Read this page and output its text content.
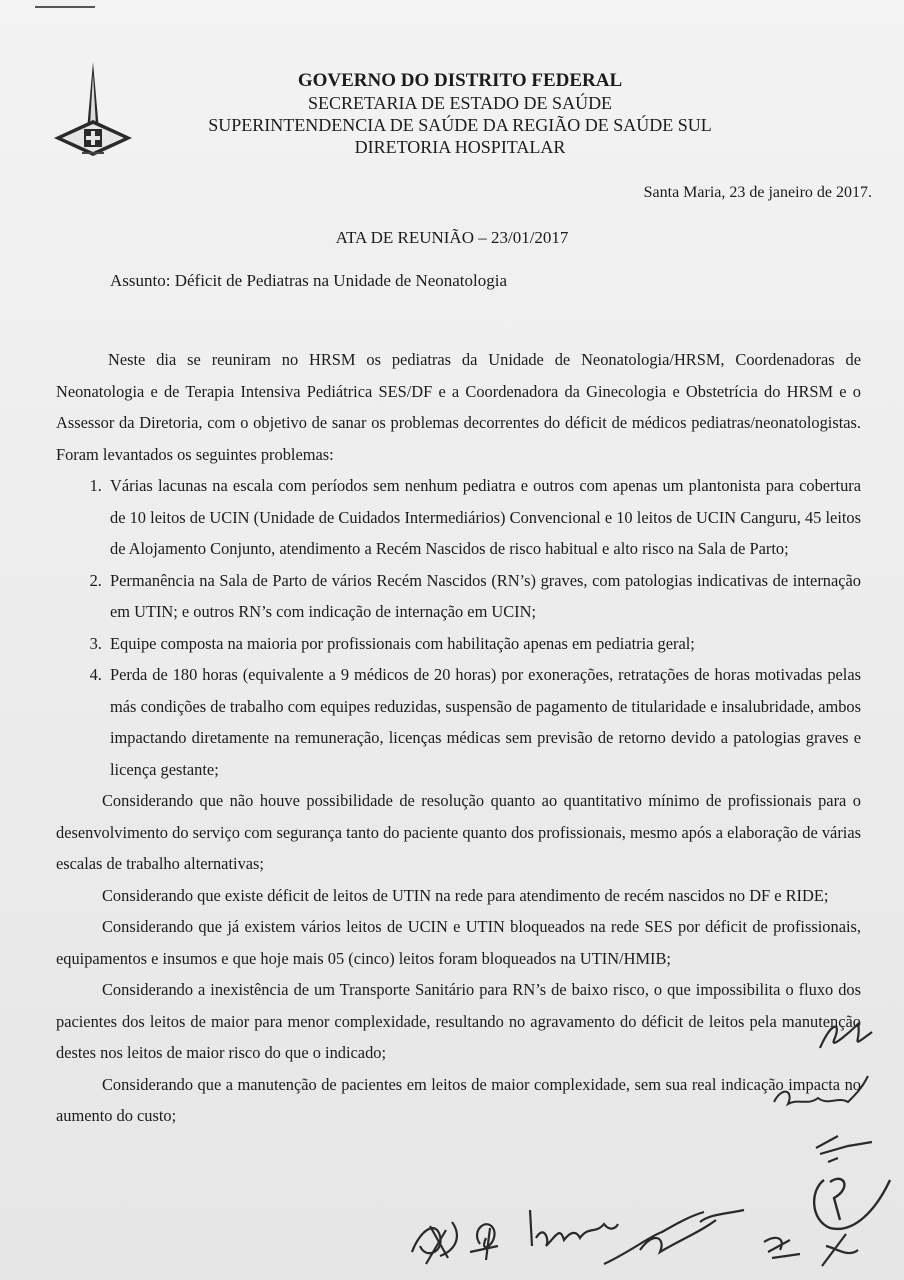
GOVERNO DO DISTRITO FEDERAL
SECRETARIA DE ESTADO DE SAÚDE
SUPERINTENDENCIA DE SAÚDE DA REGIÃO DE SAÚDE SUL
DIRETORIA HOSPITALAR
Santa Maria, 23 de janeiro de 2017.
ATA DE REUNIÃO – 23/01/2017
Assunto: Déficit de Pediatras na Unidade de Neonatologia

Neste dia se reuniram no HRSM os pediatras da Unidade de Neonatologia/HRSM, Coordenadoras de Neonatologia e de Terapia Intensiva Pediátrica SES/DF e a Coordenadora da Ginecologia e Obstetrícia do HRSM e o Assessor da Diretoria, com o objetivo de sanar os problemas decorrentes do déficit de médicos pediatras/neonatologistas. Foram levantados os seguintes problemas:

1. Várias lacunas na escala com períodos sem nenhum pediatra e outros com apenas um plantonista para cobertura de 10 leitos de UCIN (Unidade de Cuidados Intermediários) Convencional e 10 leitos de UCIN Canguru, 45 leitos de Alojamento Conjunto, atendimento a Recém Nascidos de risco habitual e alto risco na Sala de Parto;
2. Permanência na Sala de Parto de vários Recém Nascidos (RN’s) graves, com patologias indicativas de internação em UTIN; e outros RN’s com indicação de internação em UCIN;
3. Equipe composta na maioria por profissionais com habilitação apenas em pediatria geral;
4. Perda de 180 horas (equivalente a 9 médicos de 20 horas) por exonerações, retratações de horas motivadas pelas más condições de trabalho com equipes reduzidas, suspensão de pagamento de titularidade e insalubridade, ambos impactando diretamente na remuneração, licenças médicas sem previsão de retorno devido a patologias graves e licença gestante;

Considerando que não houve possibilidade de resolução quanto ao quantitativo mínimo de profissionais para o desenvolvimento do serviço com segurança tanto do paciente quanto dos profissionais, mesmo após a elaboração de várias escalas de trabalho alternativas;

Considerando que existe déficit de leitos de UTIN na rede para atendimento de recém nascidos no DF e RIDE;

Considerando que já existem vários leitos de UCIN e UTIN bloqueados na rede SES por déficit de profissionais, equipamentos e insumos e que hoje mais 05 (cinco) leitos foram bloqueados na UTIN/HMIB;

Considerando a inexistência de um Transporte Sanitário para RN’s de baixo risco, o que impossibilita o fluxo dos pacientes dos leitos de maior para menor complexidade, resultando no agravamento do déficit de leitos pela manutenção destes nos leitos de maior risco do que o indicado;

Considerando que a manutenção de pacientes em leitos de maior complexidade, sem sua real indicação impacta no aumento do custo;
